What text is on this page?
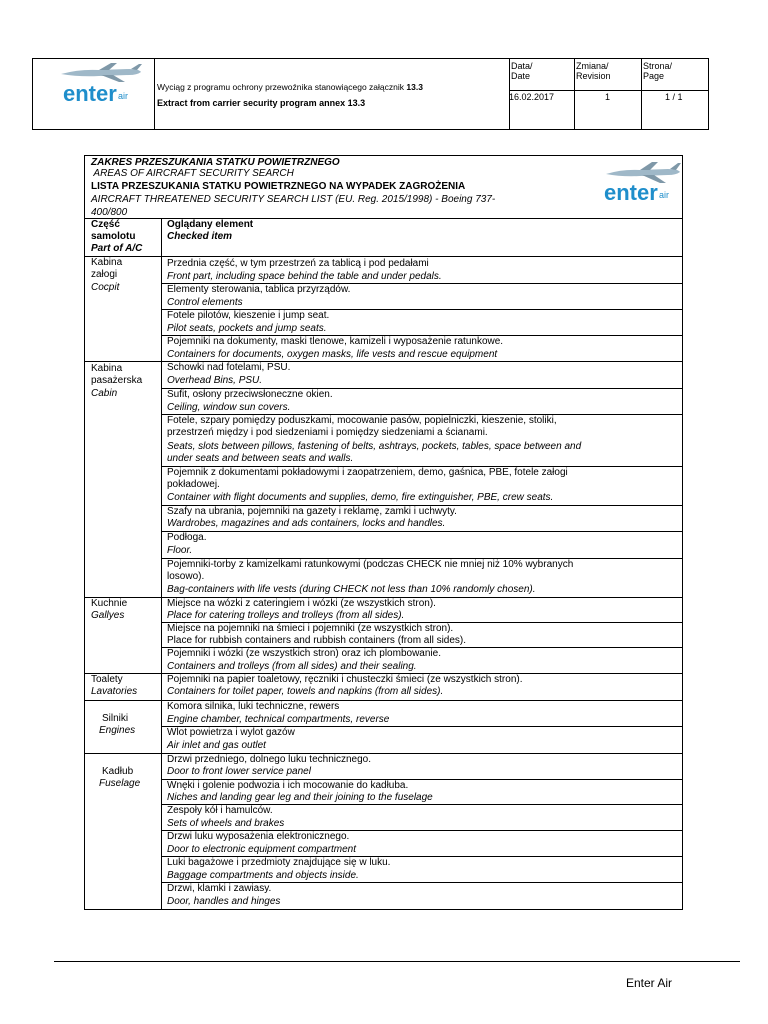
enter air
Wyciąg z programu ochrony przewoźnika stanowiącego załącznik 13.3
Extract from carrier security program annex 13.3
Data/
Date
Zmiana/
Revision
Strona/
Page
16.02.2017	1	1 / 1
ZAKRES PRZESZUKANIA STATKU POWIETRZNEGO
AREAS OF AIRCRAFT SECURITY SEARCH
LISTA PRZESZUKANIA STATKU POWIETRZNEGO NA WYPADEK ZAGROŻENIA
AIRCRAFT THREATENED SECURITY SEARCH LIST (EU. Reg. 2015/1998) - Boeing 737-
400/800
enter air
Część
samolotu
Part of A/C
Oglądany element
Checked item
Kabina
załogi
Cocpit
Kabina
pasażerska
Cabin
Kuchnie
Gallyes
Toalety
Lavatories
Silniki
Engines
Kadłub
Fuselage
Przednia część, w tym przestrzeń za tablicą i pod pedałami
Front part, including space behind the table and under pedals.
Elementy sterowania, tablica przyrządów.
Control elements
Fotele pilotów, kieszenie i jump seat.
Pilot seats, pockets and jump seats.
Pojemniki na dokumenty, maski tlenowe, kamizeli i wyposażenie ratunkowe.
Containers for documents, oxygen masks, life vests and rescue equipment
Schowki nad fotelami, PSU.
Overhead Bins, PSU.
Sufit, osłony przeciwsłoneczne okien.
Ceiling, window sun covers.
Fotele, szpary pomiędzy poduszkami, mocowanie pasów, popielniczki, kieszenie, stoliki,
przestrzeń między i pod siedzeniami i pomiędzy siedzeniami a ścianami.
Seats, slots between pillows, fastening of belts, ashtrays, pockets, tables, space between and
under seats and between seats and walls.
Pojemnik z dokumentami pokładowymi i zaopatrzeniem, demo, gaśnica, PBE, fotele załogi
pokładowej.
Container with flight documents and supplies, demo, fire extinguisher, PBE, crew seats.
Szafy na ubrania, pojemniki na gazety i reklamę, zamki i uchwyty.
Wardrobes, magazines and ads containers, locks and handles.
Podłoga.
Floor.
Pojemniki-torby z kamizelkami ratunkowymi (podczas CHECK nie mniej niż 10% wybranych
losowo).
Bag-containers with life vests (during CHECK not less than 10% randomly chosen).
Miejsce na wózki z cateringiem i wózki (ze wszystkich stron).
Place for catering trolleys and trolleys (from all sides).
Miejsce na pojemniki na śmieci i pojemniki (ze wszystkich stron).
Place for rubbish containers and rubbish containers (from all sides).
Pojemniki i wózki (ze wszystkich stron) oraz ich plombowanie.
Containers and trolleys (from all sides) and their sealing.
Pojemniki na papier toaletowy, ręczniki i chusteczki śmieci (ze wszystkich stron).
Containers for toilet paper, towels and napkins (from all sides).
Komora silnika, luki techniczne, rewers
Engine chamber, technical compartments, reverse
Wlot powietrza i wylot gazów
Air inlet and gas outlet
Drzwi przedniego, dolnego luku technicznego.
Door to front lower service panel
Wnęki i golenie podwozia i ich mocowanie do kadłuba.
Niches and landing gear leg and their joining to the fuselage
Zespoły kół i hamulców.
Sets of wheels and brakes
Drzwi luku wyposażenia elektronicznego.
Door to electronic equipment compartment
Luki bagażowe i przedmioty znajdujące się w luku.
Baggage compartments and objects inside.
Drzwi, klamki i zawiasy.
Door, handles and hinges
Enter Air
